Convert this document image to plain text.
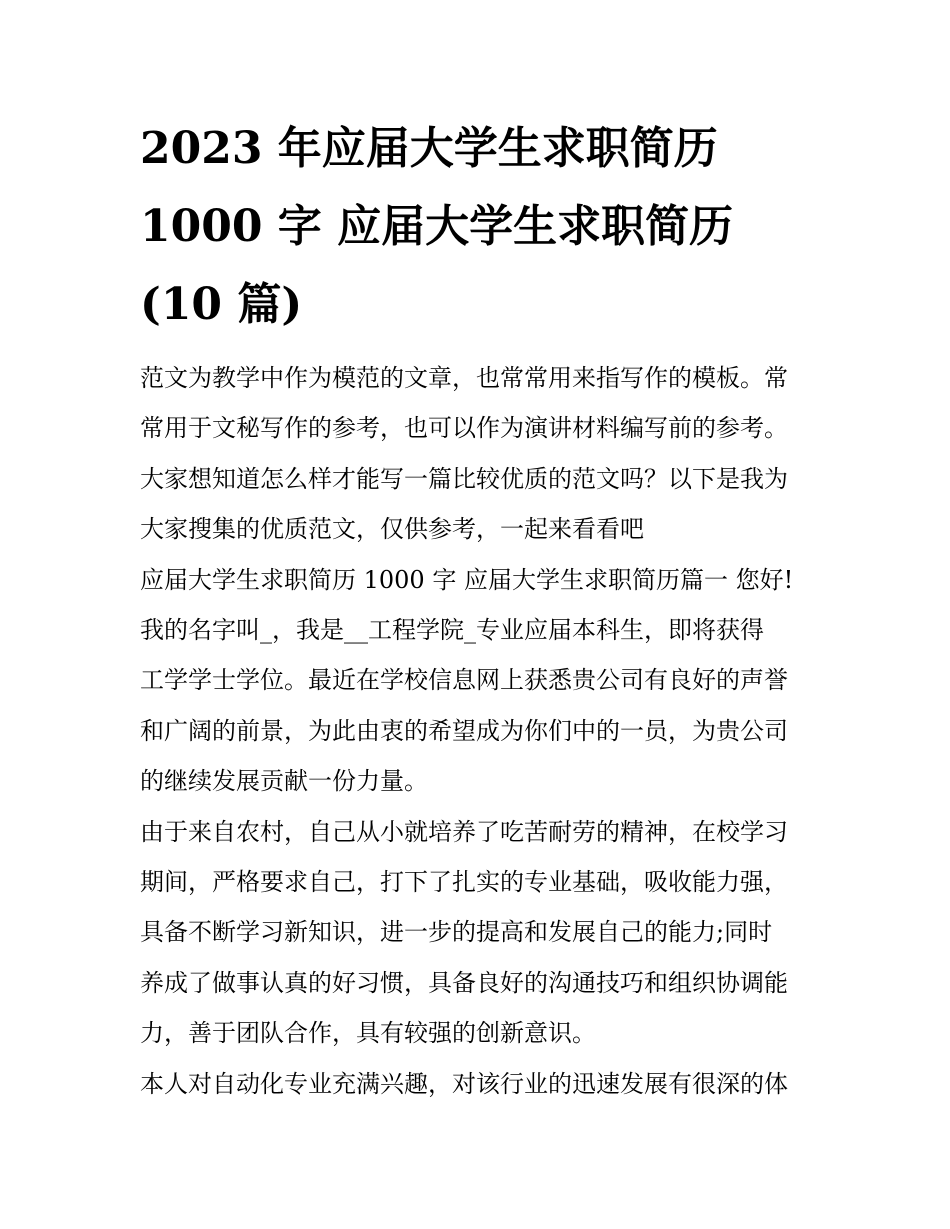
2023 年应届大学生求职简历
1000 字 应届大学生求职简历
(10 篇)
范文为教学中作为模范的文章，也常常用来指写作的模板。常
常用于文秘写作的参考，也可以作为演讲材料编写前的参考。
大家想知道怎么样才能写一篇比较优质的范文吗？以下是我为
大家搜集的优质范文，仅供参考，一起来看看吧
应届大学生求职简历 1000 字 应届大学生求职简历篇一 您好!
我的名字叫_，我是__工程学院_专业应届本科生，即将获得
工学学士学位。最近在学校信息网上获悉贵公司有良好的声誉
和广阔的前景，为此由衷的希望成为你们中的一员，为贵公司
的继续发展贡献一份力量。
由于来自农村，自己从小就培养了吃苦耐劳的精神，在校学习
期间，严格要求自己，打下了扎实的专业基础，吸收能力强，
具备不断学习新知识，进一步的提高和发展自己的能力;同时
养成了做事认真的好习惯，具备良好的沟通技巧和组织协调能
力，善于团队合作，具有较强的创新意识。
本人对自动化专业充满兴趣，对该行业的迅速发展有很深的体
